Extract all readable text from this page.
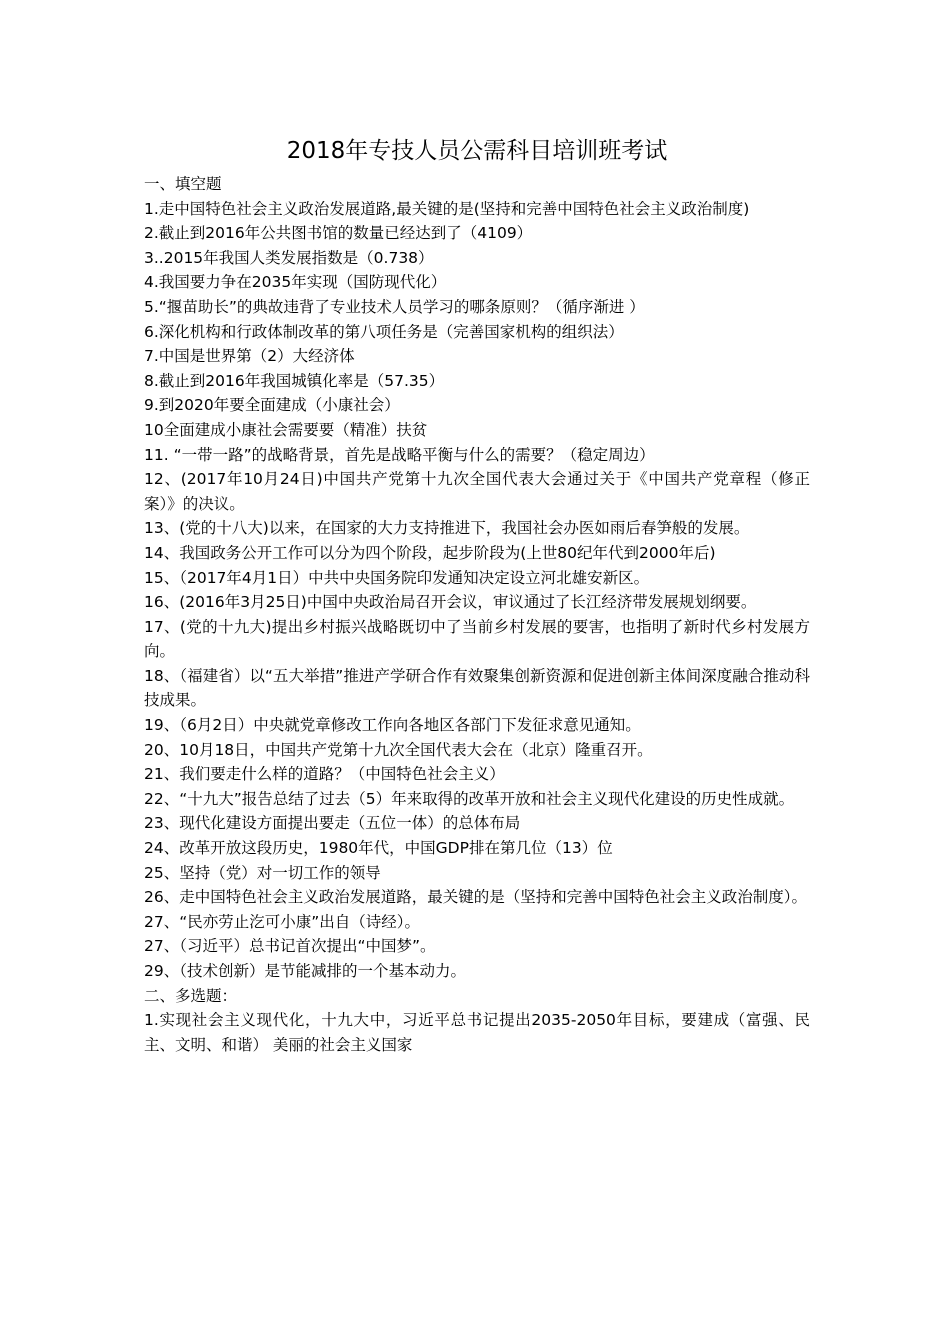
2018年专技人员公需科目培训班考试
一、填空题

1.走中国特色社会主义政治发展道路,最关键的是(坚持和完善中国特色社会主义政治制度)

2.截止到2016年公共图书馆的数量已经达到了（4109）

3..2015年我国人类发展指数是（0.738）

4.我国要力争在2035年实现（国防现代化）

5.“揠苗助长”的典故违背了专业技术人员学习的哪条原则？（循序渐进 ）

6.深化机构和行政体制改革的第八项任务是（完善国家机构的组织法）

7.中国是世界第（2）大经济体

8.截止到2016年我国城镇化率是（57.35）

9.到2020年要全面建成（小康社会）

10全面建成小康社会需要要（精准）扶贫

11. “一带一路”的战略背景，首先是战略平衡与什么的需要？（稳定周边）

12、(2017年10月24日)中国共产党第十九次全国代表大会通过关于《中国共产党章程（修正案）》的决议。

13、(党的十八大)以来，在国家的大力支持推进下，我国社会办医如雨后春笋般的发展。

14、我国政务公开工作可以分为四个阶段，起步阶段为(上世80纪年代到2000年后)

15、（2017年4月1日）中共中央国务院印发通知决定设立河北雄安新区。

16、(2016年3月25日)中国中央政治局召开会议，审议通过了长江经济带发展规划纲要。

17、(党的十九大)提出乡村振兴战略既切中了当前乡村发展的要害，也指明了新时代乡村发展方向。

18、（福建省）以“五大举措”推进产学研合作有效聚集创新资源和促进创新主体间深度融合推动科技成果。

19、（6月2日）中央就党章修改工作向各地区各部门下发征求意见通知。

20、10月18日，中国共产党第十九次全国代表大会在（北京）隆重召开。

21、我们要走什么样的道路？（中国特色社会主义）

22、“十九大”报告总结了过去（5）年来取得的改革开放和社会主义现代化建设的历史性成就。

23、现代化建设方面提出要走（五位一体）的总体布局

24、改革开放这段历史，1980年代，中国GDP排在第几位（13）位

25、坚持（党）对一切工作的领导

26、走中国特色社会主义政治发展道路，最关键的是（坚持和完善中国特色社会主义政治制度）。

27、“民亦劳止汔可小康”出自（诗经）。

27、（习近平）总书记首次提出“中国梦”。

29、（技术创新）是节能减排的一个基本动力。

二、多选题：

1.实现社会主义现代化，十九大中，习近平总书记提出2035-2050年目标，要建成（富强、民主、文明、和谐） 美丽的社会主义国家
